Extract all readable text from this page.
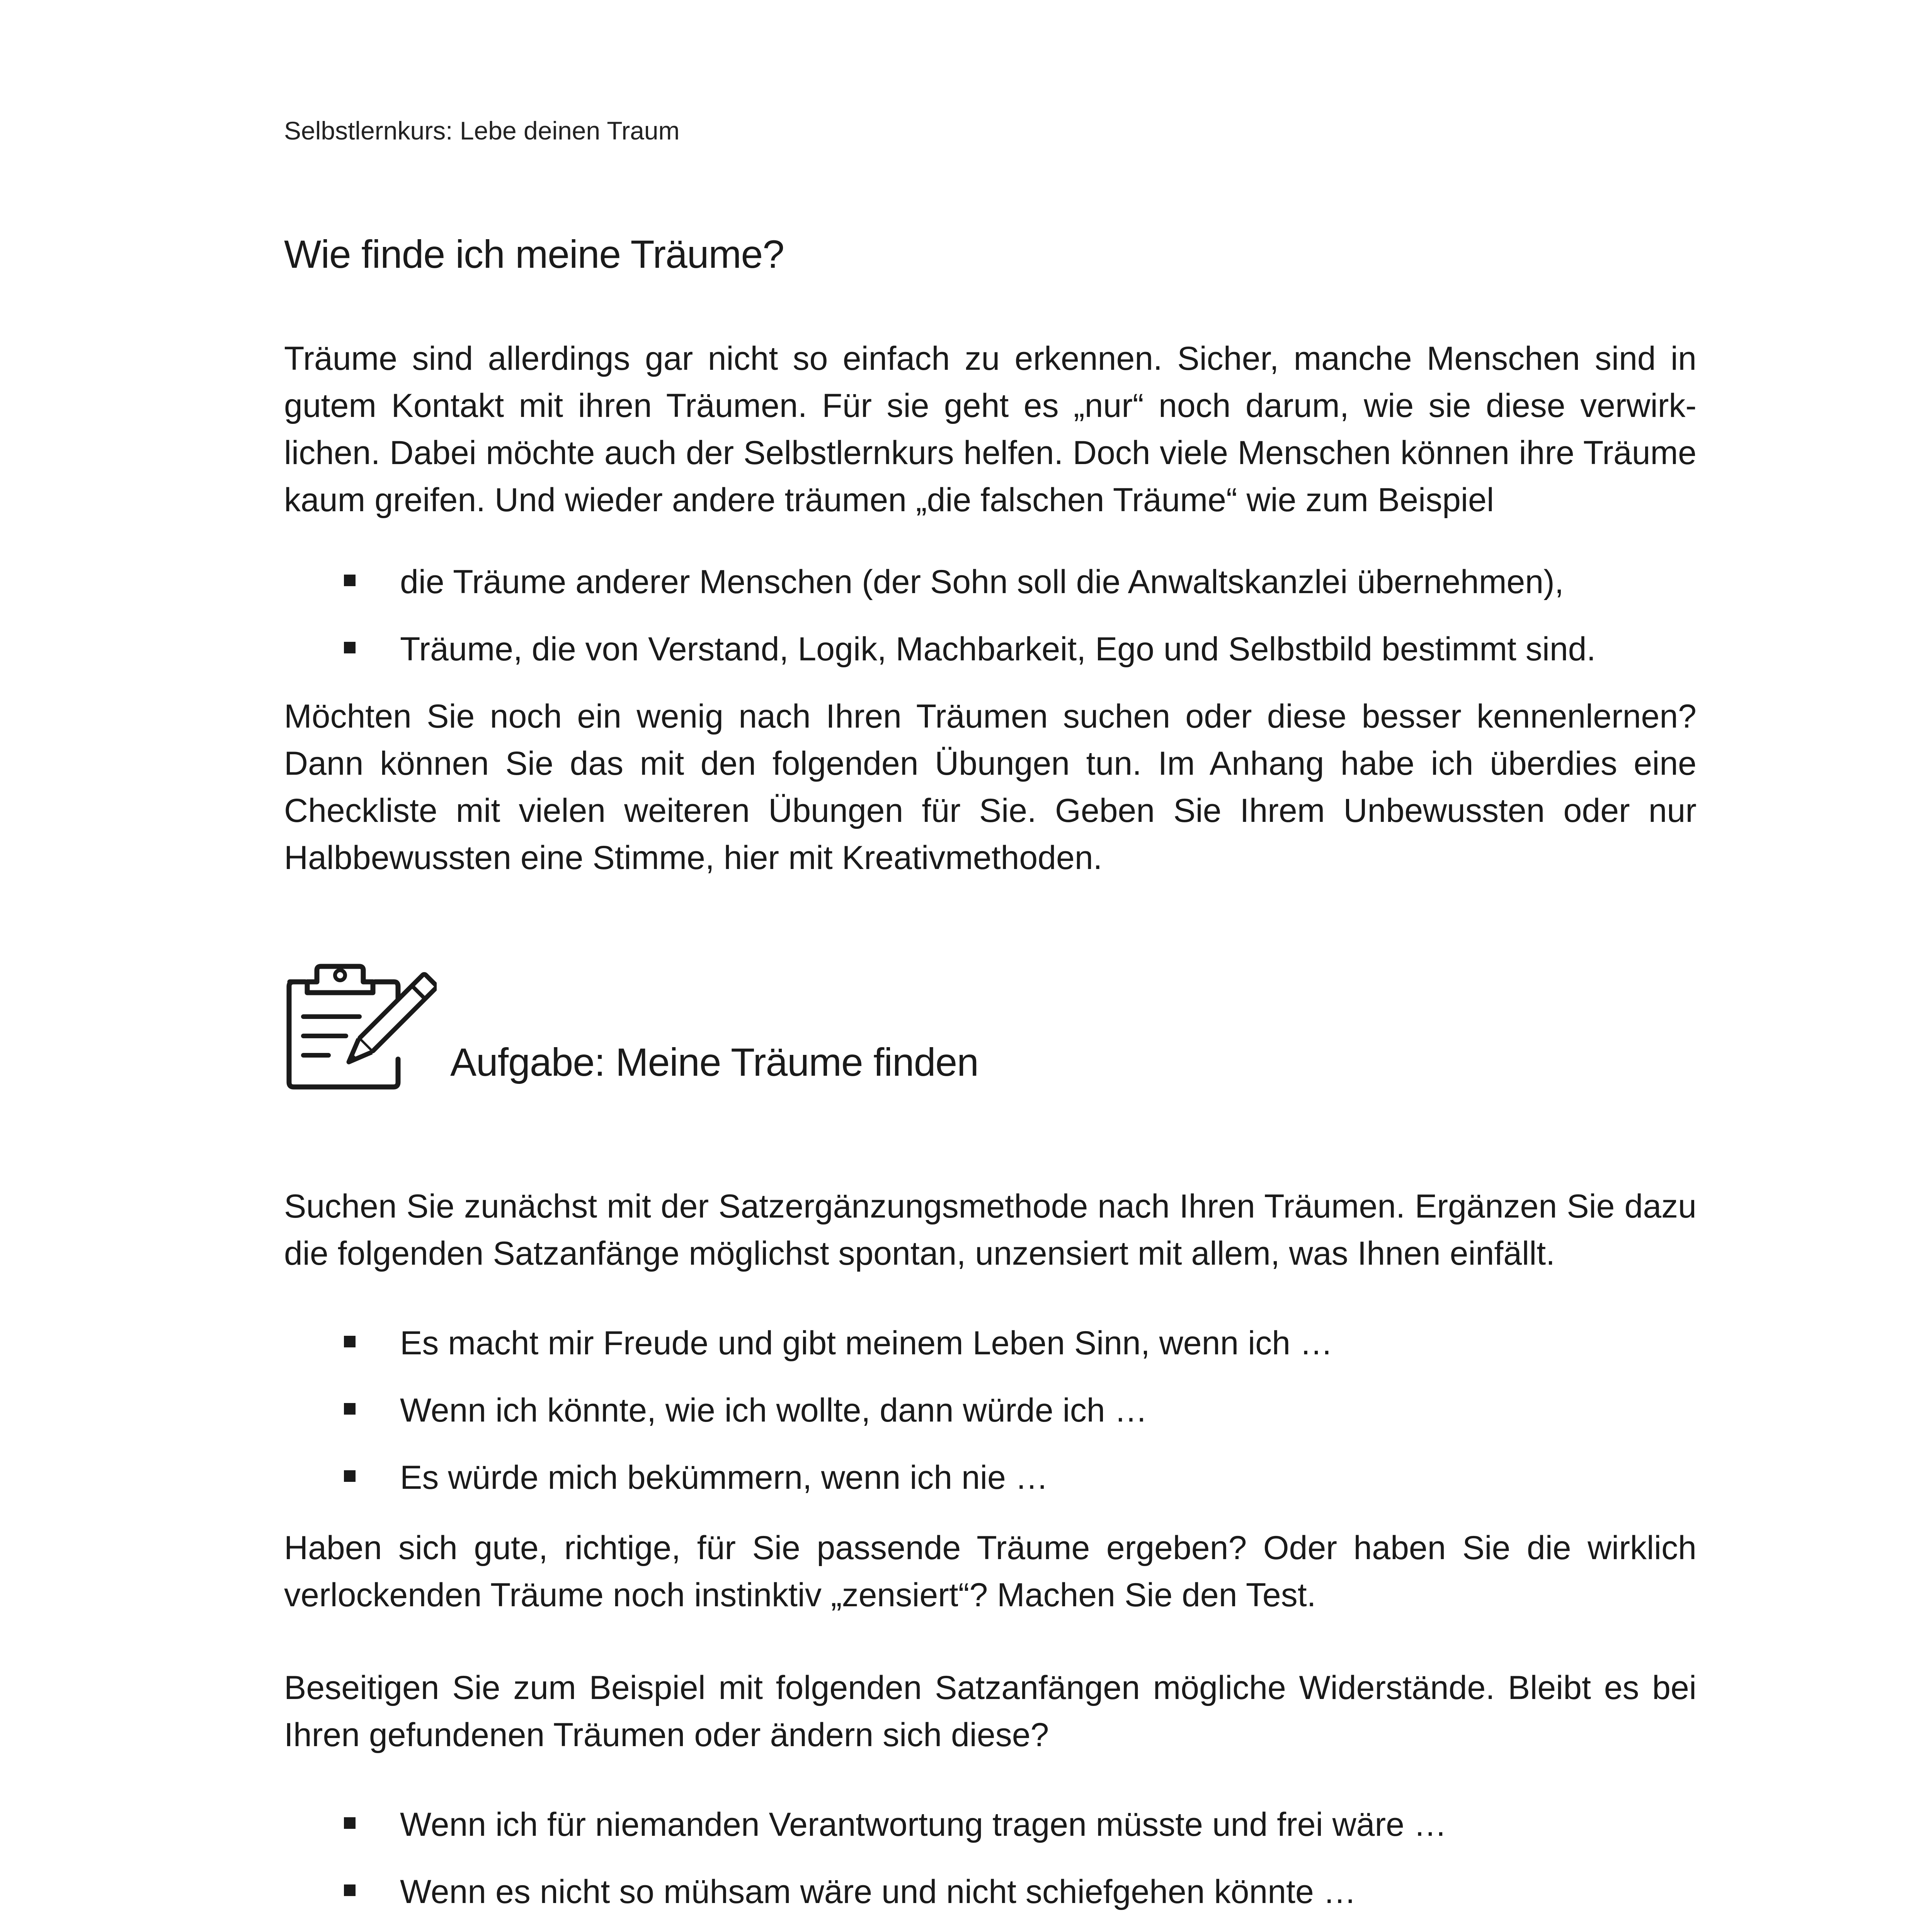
Selbstlernkurs: Lebe deinen Traum
Wie finde ich meine Träume?

Träume sind allerdings gar nicht so einfach zu erkennen. Sicher, manche Menschen sind in gutem Kontakt mit ihren Träumen. Für sie geht es „nur“ noch darum, wie sie diese verwirk-lichen. Dabei möchte auch der Selbstlernkurs helfen. Doch viele Menschen können ihre Träume kaum greifen. Und wieder andere träumen „die falschen Träume“ wie zum Beispiel

die Träume anderer Menschen (der Sohn soll die Anwaltskanzlei übernehmen),
Träume, die von Verstand, Logik, Machbarkeit, Ego und Selbstbild bestimmt sind.

Möchten Sie noch ein wenig nach Ihren Träumen suchen oder diese besser kennenlernen? Dann können Sie das mit den folgenden Übungen tun. Im Anhang habe ich überdies eine Checkliste mit vielen weiteren Übungen für Sie. Geben Sie Ihrem Unbewussten oder nur Halbbewussten eine Stimme, hier mit Kreativmethoden.

Aufgabe: Meine Träume finden

Suchen Sie zunächst mit der Satzergänzungsmethode nach Ihren Träumen. Ergänzen Sie dazu die folgenden Satzanfänge möglichst spontan, unzensiert mit allem, was Ihnen einfällt.

Es macht mir Freude und gibt meinem Leben Sinn, wenn ich …
Wenn ich könnte, wie ich wollte, dann würde ich …
Es würde mich bekümmern, wenn ich nie …

Haben sich gute, richtige, für Sie passende Träume ergeben? Oder haben Sie die wirklich verlockenden Träume noch instinktiv „zensiert“? Machen Sie den Test.

Beseitigen Sie zum Beispiel mit folgenden Satzanfängen mögliche Widerstände. Bleibt es bei Ihren gefundenen Träumen oder ändern sich diese?

Wenn ich für niemanden Verantwortung tragen müsste und frei wäre …
Wenn es nicht so mühsam wäre und nicht schiefgehen könnte …
